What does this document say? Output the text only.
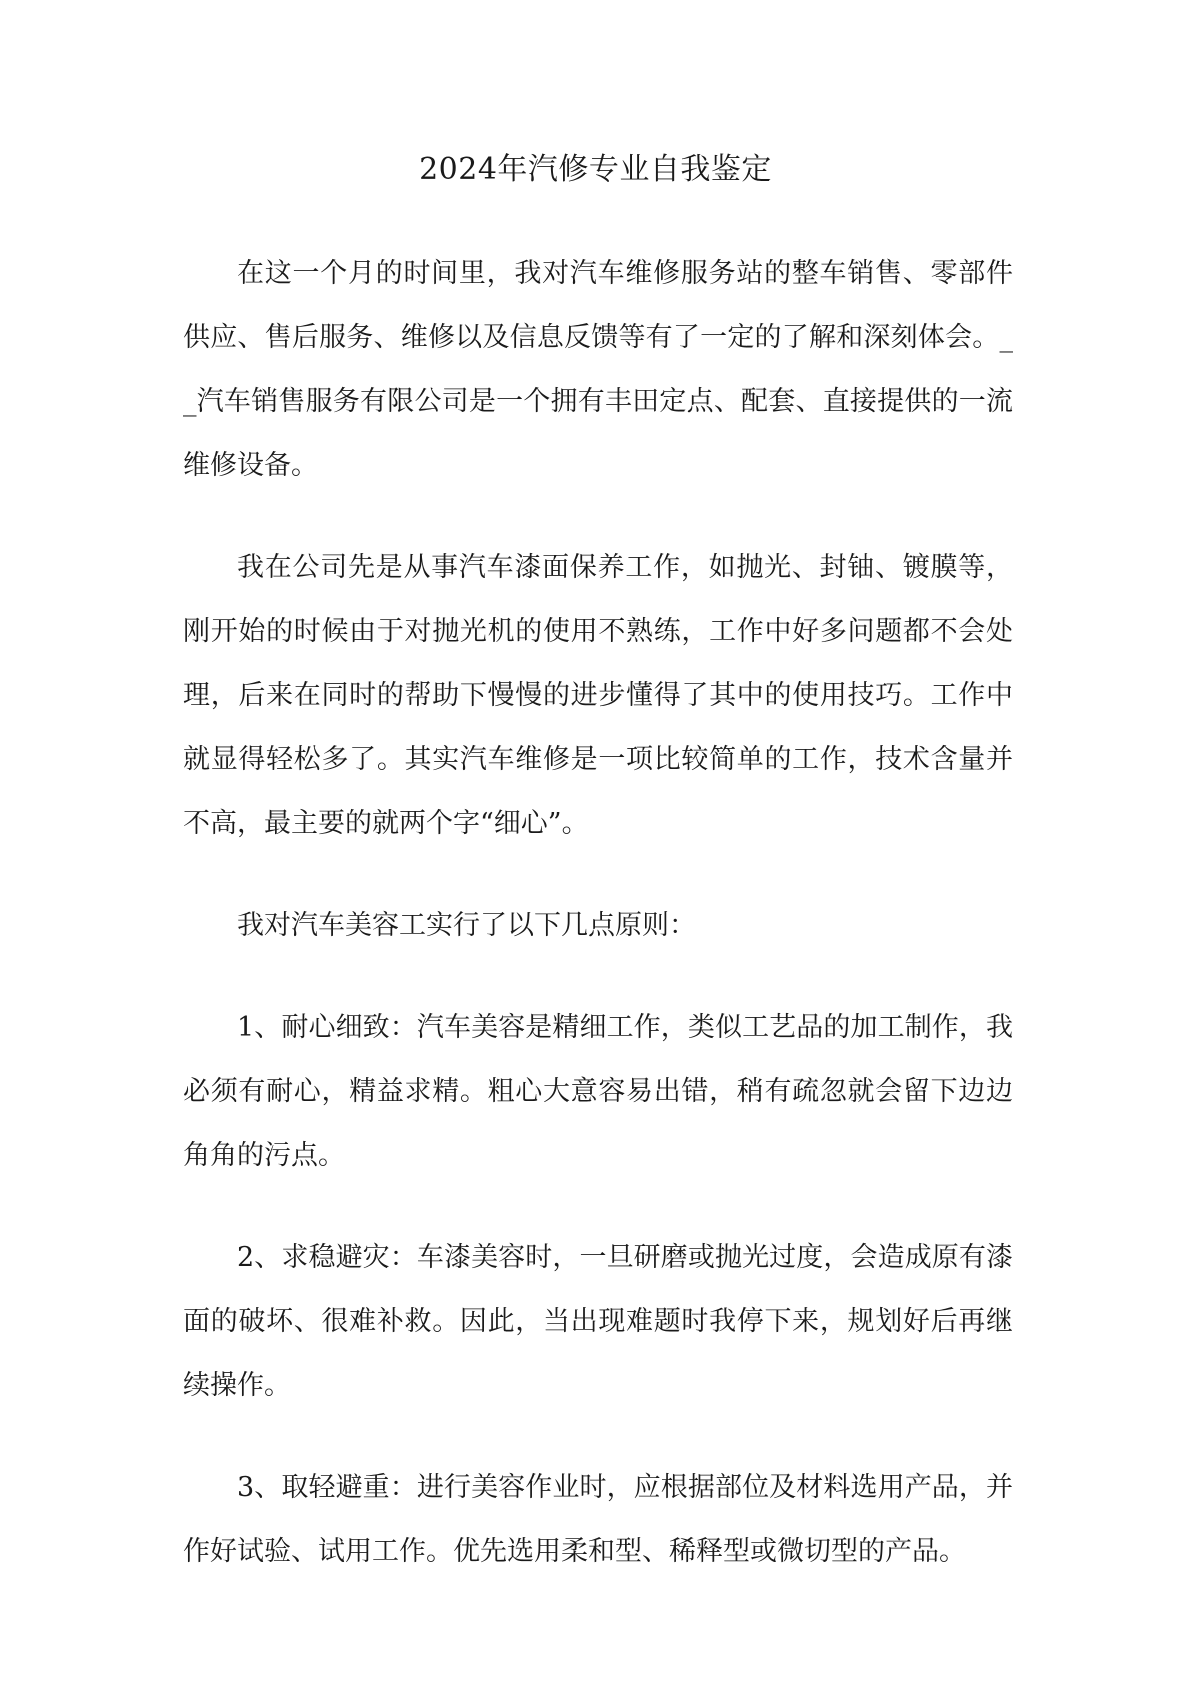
2024年汽修专业自我鉴定

在这一个月的时间里，我对汽车维修服务站的整车销售、零部件供应、售后服务、维修以及信息反馈等有了一定的了解和深刻体会。__汽车销售服务有限公司是一个拥有丰田定点、配套、直接提供的一流维修设备。

我在公司先是从事汽车漆面保养工作，如抛光、封铀、镀膜等，刚开始的时候由于对抛光机的使用不熟练，工作中好多问题都不会处理，后来在同时的帮助下慢慢的进步懂得了其中的使用技巧。工作中就显得轻松多了。其实汽车维修是一项比较简单的工作，技术含量并不高，最主要的就两个字“细心”。

我对汽车美容工实行了以下几点原则：

1、耐心细致：汽车美容是精细工作，类似工艺品的加工制作，我必须有耐心，精益求精。粗心大意容易出错，稍有疏忽就会留下边边角角的污点。

2、求稳避灾：车漆美容时，一旦研磨或抛光过度，会造成原有漆面的破坏、很难补救。因此，当出现难题时我停下来，规划好后再继续操作。

3、取轻避重：进行美容作业时，应根据部位及材料选用产品，并作好试验、试用工作。优先选用柔和型、稀释型或微切型的产品。
